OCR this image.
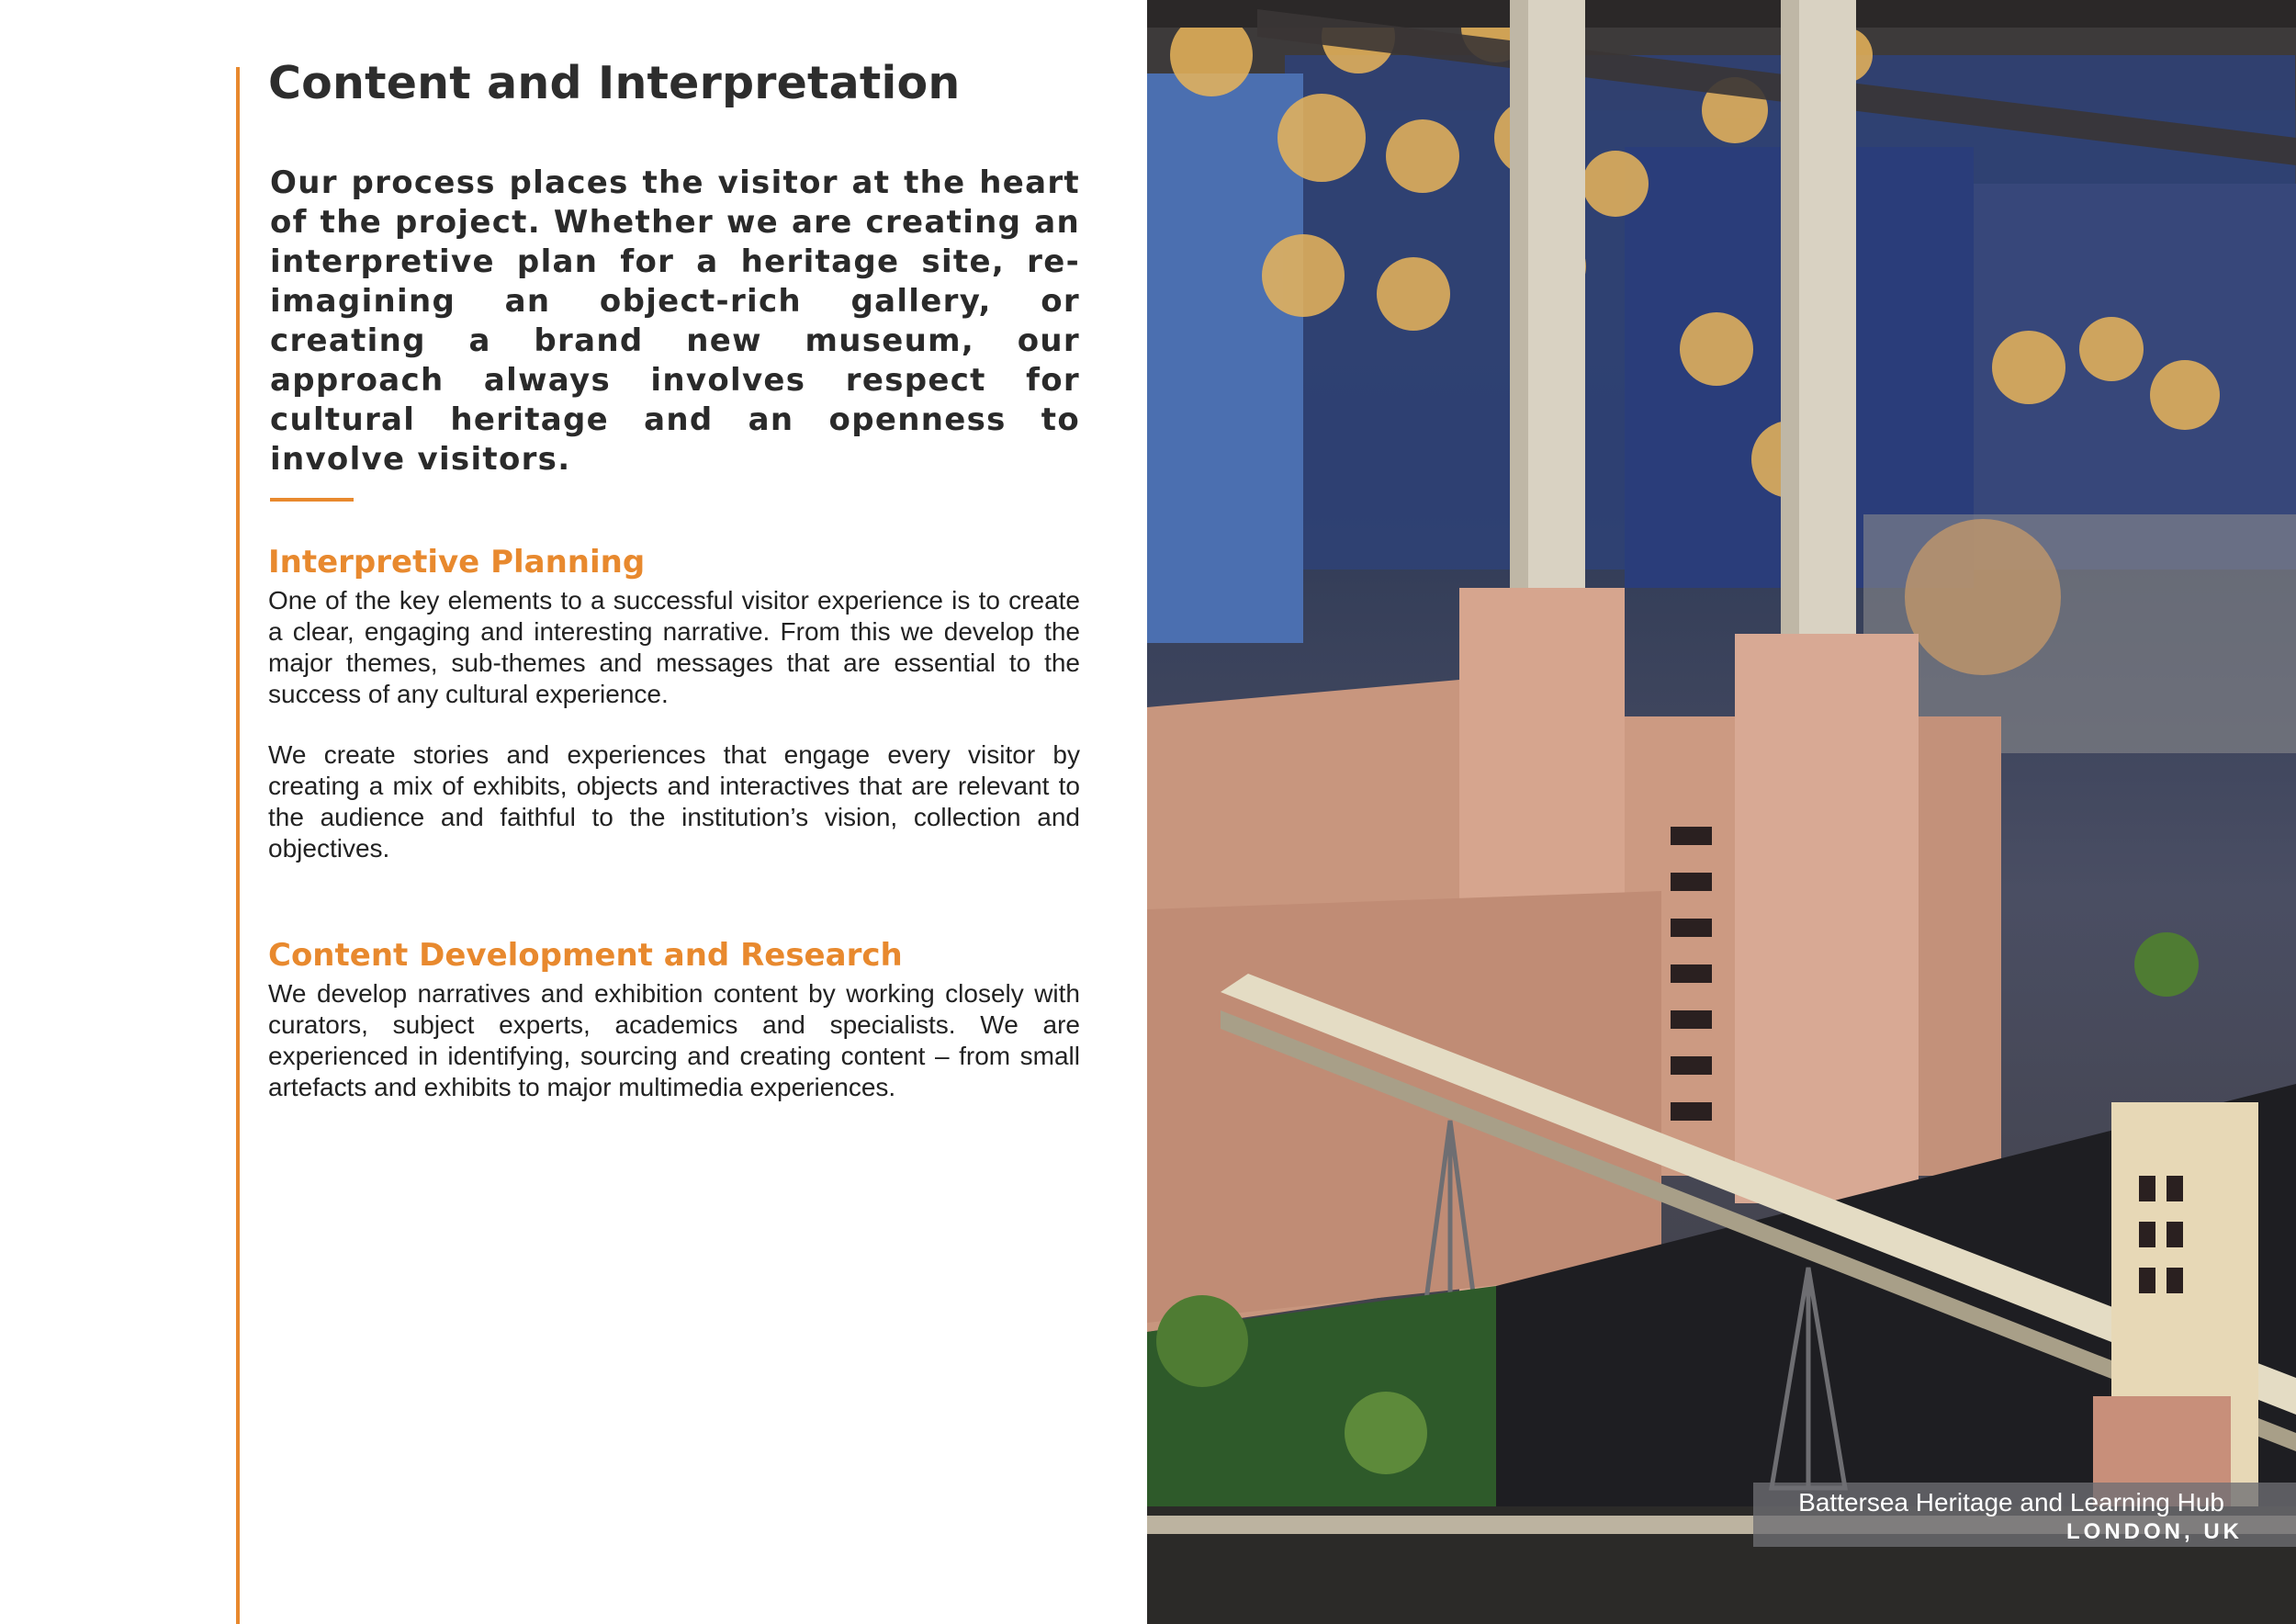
Content and Interpretation

Our process places the visitor at the heart of the project. Whether we are creating an interpretive plan for a heritage site, re-imagining an object-rich gallery, or creating a brand new museum, our approach always involves respect for cultural heritage and an openness to involve visitors.

Interpretive Planning

One of the key elements to a successful visitor experience is to create a clear, engaging and interesting narrative. From this we develop the major themes, sub-themes and messages that are essential to the success of any cultural experience.

We create stories and experiences that engage every visitor by creating a mix of exhibits, objects and interactives that are relevant to the audience and faithful to the institution’s vision, collection and objectives.

Content Development and Research

We develop narratives and exhibition content by working closely with curators, subject experts, academics and specialists. We are experienced in identifying, sourcing and creating content – from small artefacts and exhibits to major multimedia experiences.

Battersea Heritage and Learning Hub

LONDON, UK
